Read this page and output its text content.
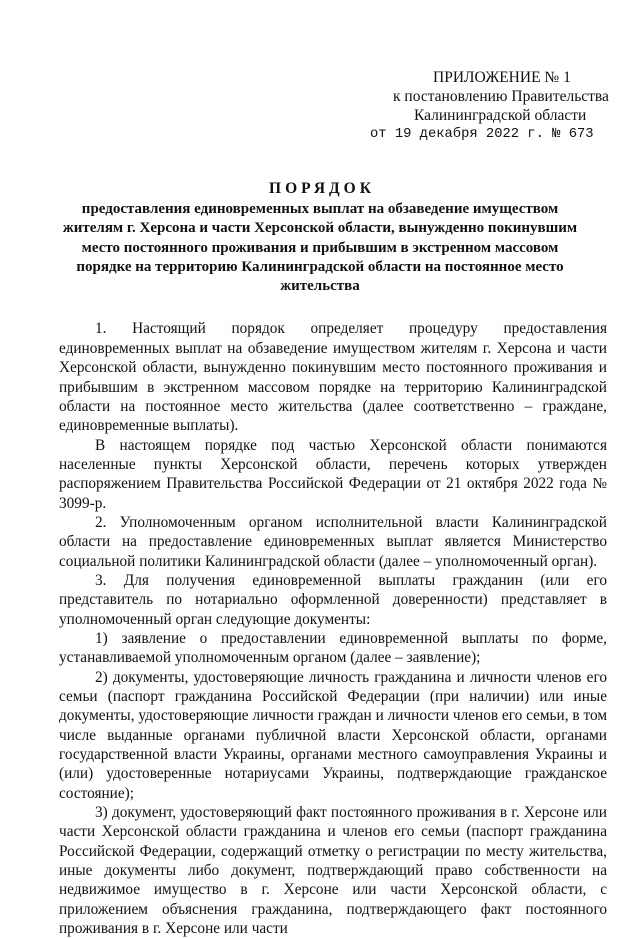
ПРИЛОЖЕНИЕ № 1
к постановлению Правительства
Калининградской области
от 19 декабря 2022 г. № 673
ПОРЯДОК
предоставления единовременных выплат на обзаведение имуществом жителям г. Херсона и части Херсонской области, вынужденно покинувшим место постоянного проживания и прибывшим в экстренном массовом порядке на территорию Калининградской области на постоянное место жительства

1. Настоящий порядок определяет процедуру предоставления единовременных выплат на обзаведение имуществом жителям г. Херсона и части Херсонской области, вынужденно покинувшим место постоянного проживания и прибывшим в экстренном массовом порядке на территорию Калининградской области на постоянное место жительства (далее соответственно – граждане, единовременные выплаты).

В настоящем порядке под частью Херсонской области понимаются населенные пункты Херсонской области, перечень которых утвержден распоряжением Правительства Российской Федерации от 21 октября 2022 года № 3099-р.

2. Уполномоченным органом исполнительной власти Калининградской области на предоставление единовременных выплат является Министерство социальной политики Калининградской области (далее – уполномоченный орган).

3. Для получения единовременной выплаты гражданин (или его представитель по нотариально оформленной доверенности) представляет в уполномоченный орган следующие документы:

1) заявление о предоставлении единовременной выплаты по форме, устанавливаемой уполномоченным органом (далее – заявление);

2) документы, удостоверяющие личность гражданина и личности членов его семьи (паспорт гражданина Российской Федерации (при наличии) или иные документы, удостоверяющие личности граждан и личности членов его семьи, в том числе выданные органами публичной власти Херсонской области, органами государственной власти Украины, органами местного самоуправления Украины и (или) удостоверенные нотариусами Украины, подтверждающие гражданское состояние);

3) документ, удостоверяющий факт постоянного проживания в г. Херсоне или части Херсонской области гражданина и членов его семьи (паспорт гражданина Российской Федерации, содержащий отметку о регистрации по месту жительства, иные документы либо документ, подтверждающий право собственности на недвижимое имущество в г. Херсоне или части Херсонской области, с приложением объяснения гражданина, подтверждающего факт постоянного проживания в г. Херсоне или части
